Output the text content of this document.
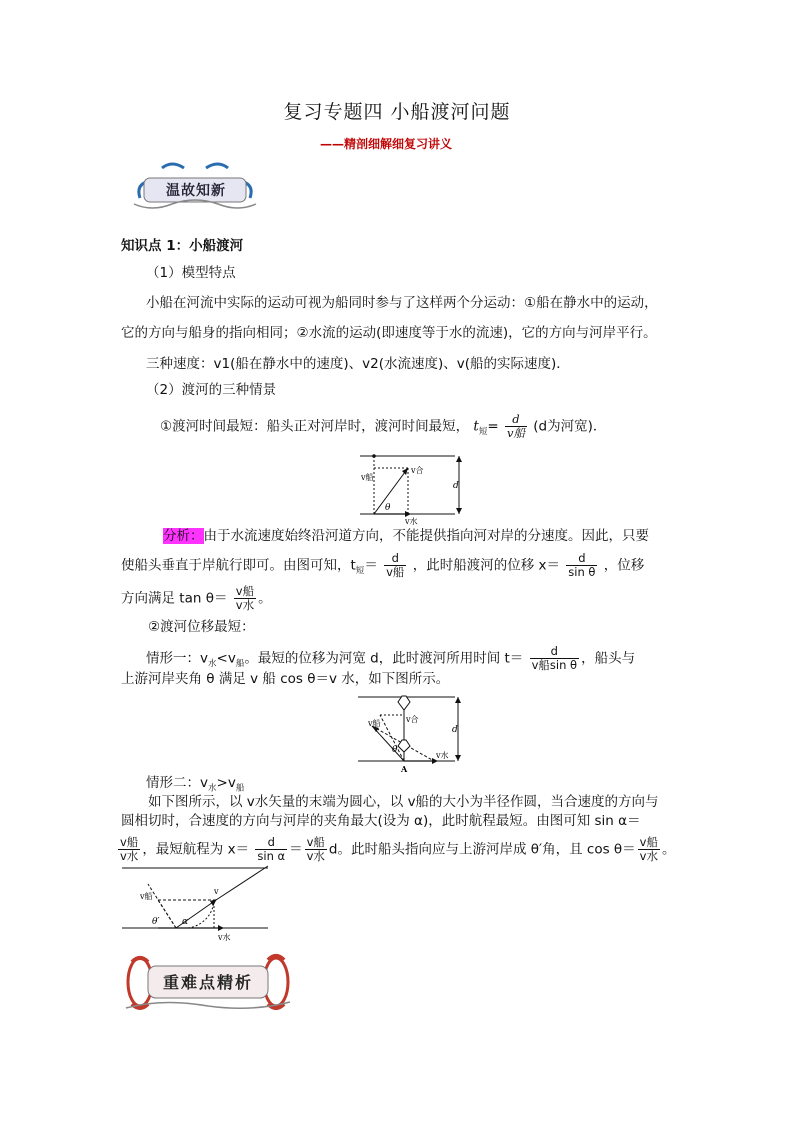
复习专题四 小船渡河问题
——精剖细解细复习讲义
温故知新
知识点 1：小船渡河
（1）模型特点
小船在河流中实际的运动可视为船同时参与了这样两个分运动：①船在静水中的运动，
它的方向与船身的指向相同；②水流的运动(即速度等于水的流速)，它的方向与河岸平行。
三种速度：v1(船在静水中的速度)、v2(水流速度)、v(船的实际速度)．
（2）渡河的三种情景
①渡河时间最短：船头正对河岸时，渡河时间最短， $t_短= \frac{d}{\text{v船}} (d$为河宽)．
v船
v合
v水
d
θ
分析：由于水流速度始终沿河道方向，不能提供指向河对岸的分速度。因此，只要
使船头垂直于岸航行即可。由图可知，$t_短= \frac{d}{\text{v船}}$ ，此时船渡河的位移 $x= \frac{d}{\text{sin θ}}$ ，位移
方向满足 $\tan \theta= \frac{\text{v船}}{\text{v水}}$ 。
②渡河位移最短：
情形一：$v_水<v_船$。最短的位移为河宽 d，此时渡河所用时间 $t= \frac{d}{\text{v船sin θ}}$ ，船头与
上游河岸夹角 θ 满足 v 船 cos θ＝v 水，如下图所示。
v船	v合
v水
d
θ
A
情形二：$v_水>v_船$
如下图所示，以 v水矢量的末端为圆心，以 v船的大小为半径作圆，当合速度的方向与
圆相切时，合速度的方向与河岸的夹角最大(设为 α)，此时航程最短。由图可知 sin α＝
$\frac{\text{v船}}{\text{v水}}$ ，最短航程为 $x= \frac{d}{\text{sin α}} = \frac{\text{v船}}{\text{v水}}$ d。此时船头指向应与上游河岸成 θ′角，且 $\cos \theta= \frac{\text{v船}}{\text{v水}}$ 。
v船
v
v水
θ′	α
重难点精析
